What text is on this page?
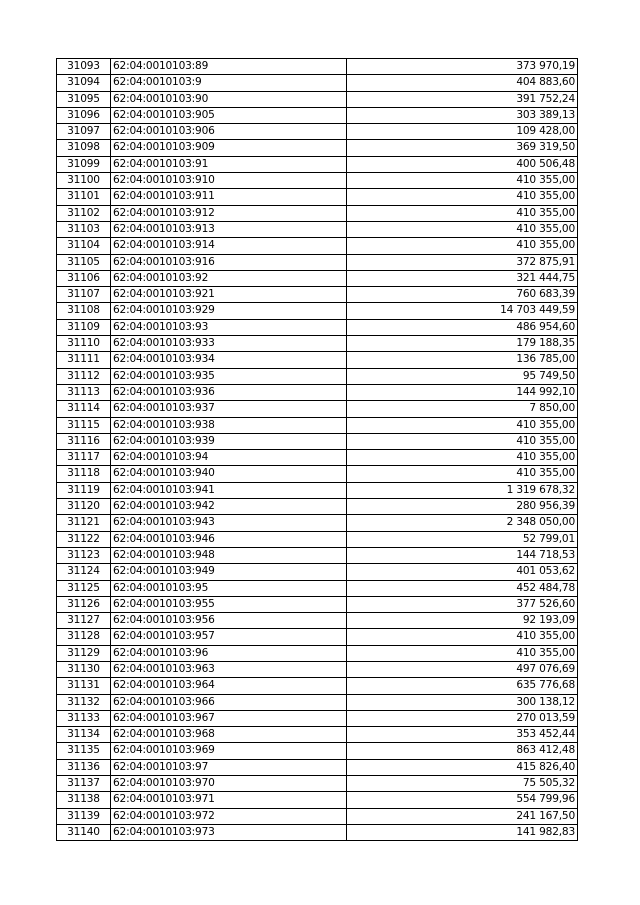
31093	62:04:0010103:89	373 970,19
31094	62:04:0010103:9	404 883,60
31095	62:04:0010103:90	391 752,24
31096	62:04:0010103:905	303 389,13
31097	62:04:0010103:906	109 428,00
31098	62:04:0010103:909	369 319,50
31099	62:04:0010103:91	400 506,48
31100	62:04:0010103:910	410 355,00
31101	62:04:0010103:911	410 355,00
31102	62:04:0010103:912	410 355,00
31103	62:04:0010103:913	410 355,00
31104	62:04:0010103:914	410 355,00
31105	62:04:0010103:916	372 875,91
31106	62:04:0010103:92	321 444,75
31107	62:04:0010103:921	760 683,39
31108	62:04:0010103:929	14 703 449,59
31109	62:04:0010103:93	486 954,60
31110	62:04:0010103:933	179 188,35
31111	62:04:0010103:934	136 785,00
31112	62:04:0010103:935	95 749,50
31113	62:04:0010103:936	144 992,10
31114	62:04:0010103:937	7 850,00
31115	62:04:0010103:938	410 355,00
31116	62:04:0010103:939	410 355,00
31117	62:04:0010103:94	410 355,00
31118	62:04:0010103:940	410 355,00
31119	62:04:0010103:941	1 319 678,32
31120	62:04:0010103:942	280 956,39
31121	62:04:0010103:943	2 348 050,00
31122	62:04:0010103:946	52 799,01
31123	62:04:0010103:948	144 718,53
31124	62:04:0010103:949	401 053,62
31125	62:04:0010103:95	452 484,78
31126	62:04:0010103:955	377 526,60
31127	62:04:0010103:956	92 193,09
31128	62:04:0010103:957	410 355,00
31129	62:04:0010103:96	410 355,00
31130	62:04:0010103:963	497 076,69
31131	62:04:0010103:964	635 776,68
31132	62:04:0010103:966	300 138,12
31133	62:04:0010103:967	270 013,59
31134	62:04:0010103:968	353 452,44
31135	62:04:0010103:969	863 412,48
31136	62:04:0010103:97	415 826,40
31137	62:04:0010103:970	75 505,32
31138	62:04:0010103:971	554 799,96
31139	62:04:0010103:972	241 167,50
31140	62:04:0010103:973	141 982,83
